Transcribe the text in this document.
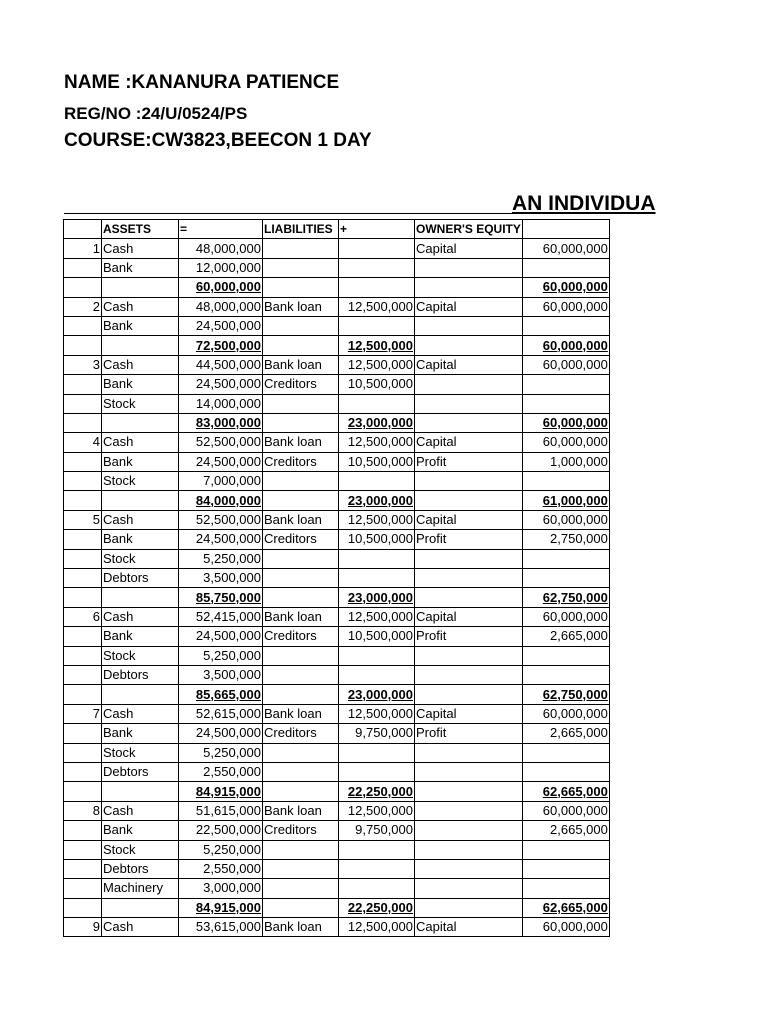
NAME :KANANURA PATIENCE
REG/NO :24/U/0524/PS
COURSE:CW3823,BEECON 1 DAY
AN INDIVIDUA
	ASSETS	=	LIABILITIES	+	OWNER'S EQUITY	
1	Cash	48,000,000			Capital	60,000,000
	Bank	12,000,000				
		60,000,000				60,000,000
2	Cash	48,000,000	Bank loan	12,500,000	Capital	60,000,000
	Bank	24,500,000				
		72,500,000		12,500,000		60,000,000
3	Cash	44,500,000	Bank loan	12,500,000	Capital	60,000,000
	Bank	24,500,000	Creditors	10,500,000		
	Stock	14,000,000				
		83,000,000		23,000,000		60,000,000
4	Cash	52,500,000	Bank loan	12,500,000	Capital	60,000,000
	Bank	24,500,000	Creditors	10,500,000	Profit	1,000,000
	Stock	7,000,000				
		84,000,000		23,000,000		61,000,000
5	Cash	52,500,000	Bank loan	12,500,000	Capital	60,000,000
	Bank	24,500,000	Creditors	10,500,000	Profit	2,750,000
	Stock	5,250,000				
	Debtors	3,500,000				
		85,750,000		23,000,000		62,750,000
6	Cash	52,415,000	Bank loan	12,500,000	Capital	60,000,000
	Bank	24,500,000	Creditors	10,500,000	Profit	2,665,000
	Stock	5,250,000				
	Debtors	3,500,000				
		85,665,000		23,000,000		62,750,000
7	Cash	52,615,000	Bank loan	12,500,000	Capital	60,000,000
	Bank	24,500,000	Creditors	9,750,000	Profit	2,665,000
	Stock	5,250,000				
	Debtors	2,550,000				
		84,915,000		22,250,000		62,665,000
8	Cash	51,615,000	Bank loan	12,500,000		60,000,000
	Bank	22,500,000	Creditors	9,750,000		2,665,000
	Stock	5,250,000				
	Debtors	2,550,000				
	Machinery	3,000,000				
		84,915,000		22,250,000		62,665,000
9	Cash	53,615,000	Bank loan	12,500,000	Capital	60,000,000
